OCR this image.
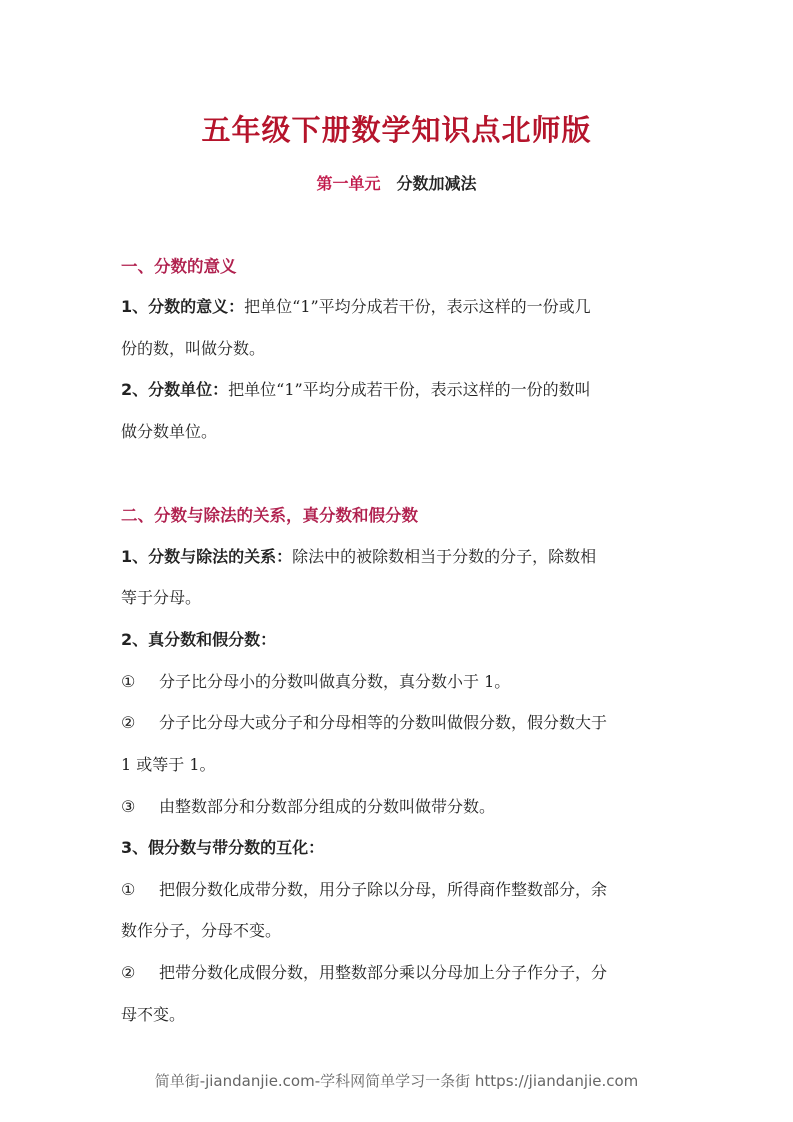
五年级下册数学知识点北师版
第一单元 分数加减法
一、分数的意义
1、分数的意义：把单位“1”平均分成若干份，表示这样的一份或几
份的数，叫做分数。
2、分数单位：把单位“1”平均分成若干份，表示这样的一份的数叫
做分数单位。
二、分数与除法的关系，真分数和假分数
1、分数与除法的关系：除法中的被除数相当于分数的分子，除数相
等于分母。
2、真分数和假分数：
① 分子比分母小的分数叫做真分数，真分数小于 1。
② 分子比分母大或分子和分母相等的分数叫做假分数，假分数大于
1 或等于 1。
③ 由整数部分和分数部分组成的分数叫做带分数。
3、假分数与带分数的互化：
① 把假分数化成带分数，用分子除以分母，所得商作整数部分，余
数作分子，分母不变。
② 把带分数化成假分数，用整数部分乘以分母加上分子作分子，分
母不变。
简单街-jiandanjie.com-学科网简单学习一条街 https://jiandanjie.com
